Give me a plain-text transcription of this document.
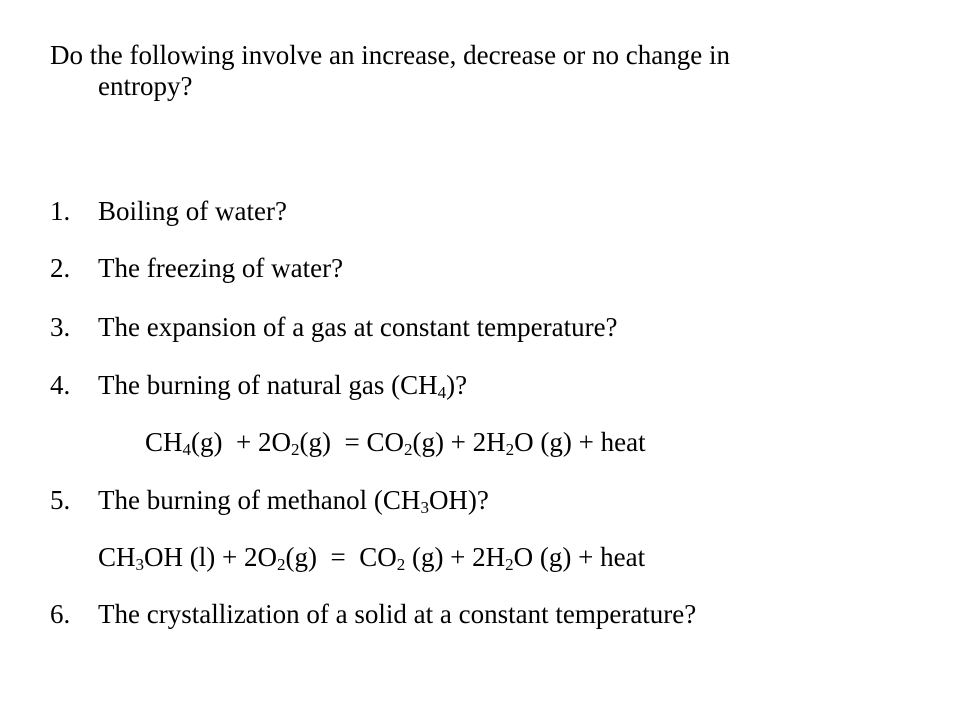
Do the following involve an increase, decrease or no change in
entropy?
1. Boiling of water?
2. The freezing of water?
3. The expansion of a gas at constant temperature?
4. The burning of natural gas $(CH_4)$?
$CH_4(g) + 2O_2(g) = CO_2(g) + 2H_2O$ (g) + heat
5. The burning of methanol $(CH_3OH)$?
$CH_3OH$ $(l) + 2O_2(g) = CO_2$ $(g) + 2H_2O$ (g) + heat
6. The crystallization of a solid at a constant temperature?
